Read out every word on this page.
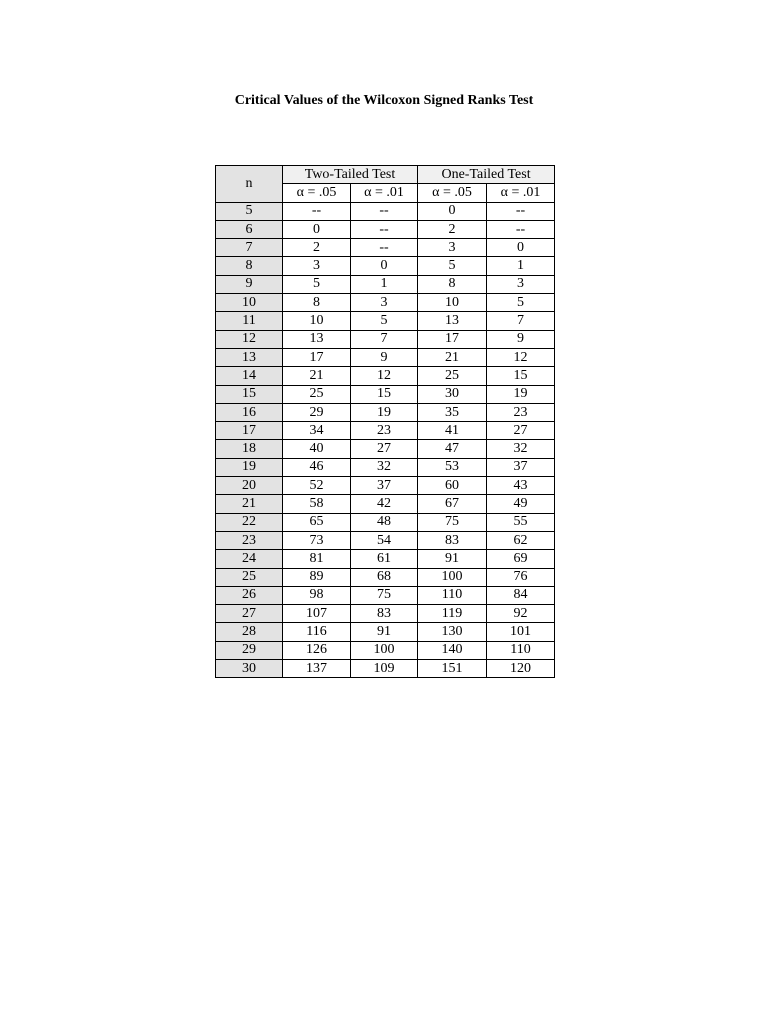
Critical Values of the Wilcoxon Signed Ranks Test
n	Two-Tailed Test		One-Tailed Test	
	α = .05	α = .01	α = .05	α = .01
5	--	--	0	--
6	0	--	2	--
7	2	--	3	0
8	3	0	5	1
9	5	1	8	3
10	8	3	10	5
11	10	5	13	7
12	13	7	17	9
13	17	9	21	12
14	21	12	25	15
15	25	15	30	19
16	29	19	35	23
17	34	23	41	27
18	40	27	47	32
19	46	32	53	37
20	52	37	60	43
21	58	42	67	49
22	65	48	75	55
23	73	54	83	62
24	81	61	91	69
25	89	68	100	76
26	98	75	110	84
27	107	83	119	92
28	116	91	130	101
29	126	100	140	110
30	137	109	151	120
